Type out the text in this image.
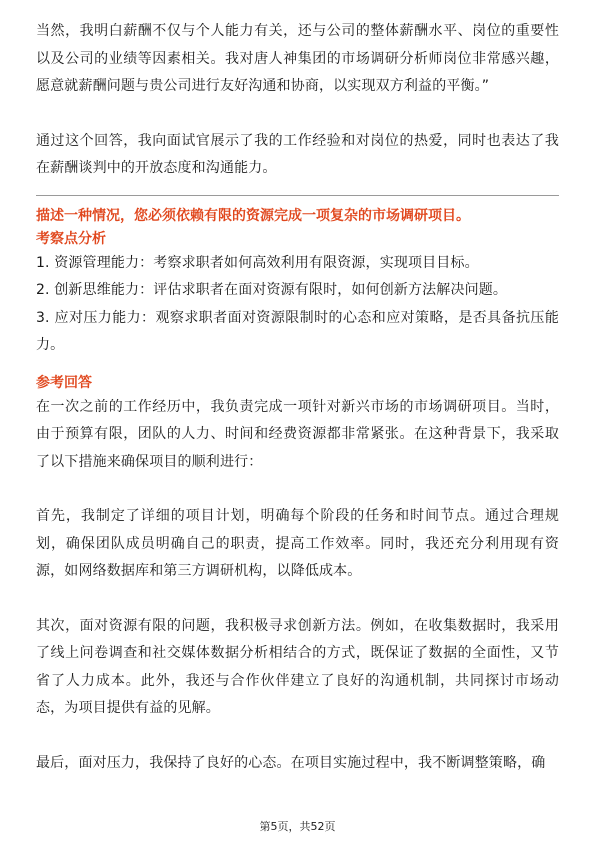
当然，我明白薪酬不仅与个人能力有关，还与公司的整体薪酬水平、岗位的重要性以及公司的业绩等因素相关。我对唐人神集团的市场调研分析师岗位非常感兴趣，愿意就薪酬问题与贵公司进行友好沟通和协商，以实现双方利益的平衡。”

通过这个回答，我向面试官展示了我的工作经验和对岗位的热爱，同时也表达了我在薪酬谈判中的开放态度和沟通能力。

描述一种情况，您必须依赖有限的资源完成一项复杂的市场调研项目。
考察点分析

1. 资源管理能力：考察求职者如何高效利用有限资源，实现项目目标。

2. 创新思维能力：评估求职者在面对资源有限时，如何创新方法解决问题。

3. 应对压力能力：观察求职者面对资源限制时的心态和应对策略，是否具备抗压能力。

参考回答

在一次之前的工作经历中，我负责完成一项针对新兴市场的市场调研项目。当时，由于预算有限，团队的人力、时间和经费资源都非常紧张。在这种背景下，我采取了以下措施来确保项目的顺利进行：

首先，我制定了详细的项目计划，明确每个阶段的任务和时间节点。通过合理规划，确保团队成员明确自己的职责，提高工作效率。同时，我还充分利用现有资源，如网络数据库和第三方调研机构，以降低成本。

其次，面对资源有限的问题，我积极寻求创新方法。例如，在收集数据时，我采用了线上问卷调查和社交媒体数据分析相结合的方式，既保证了数据的全面性，又节省了人力成本。此外，我还与合作伙伴建立了良好的沟通机制，共同探讨市场动态，为项目提供有益的见解。

最后，面对压力，我保持了良好的心态。在项目实施过程中，我不断调整策略，确

第5页，共52页
